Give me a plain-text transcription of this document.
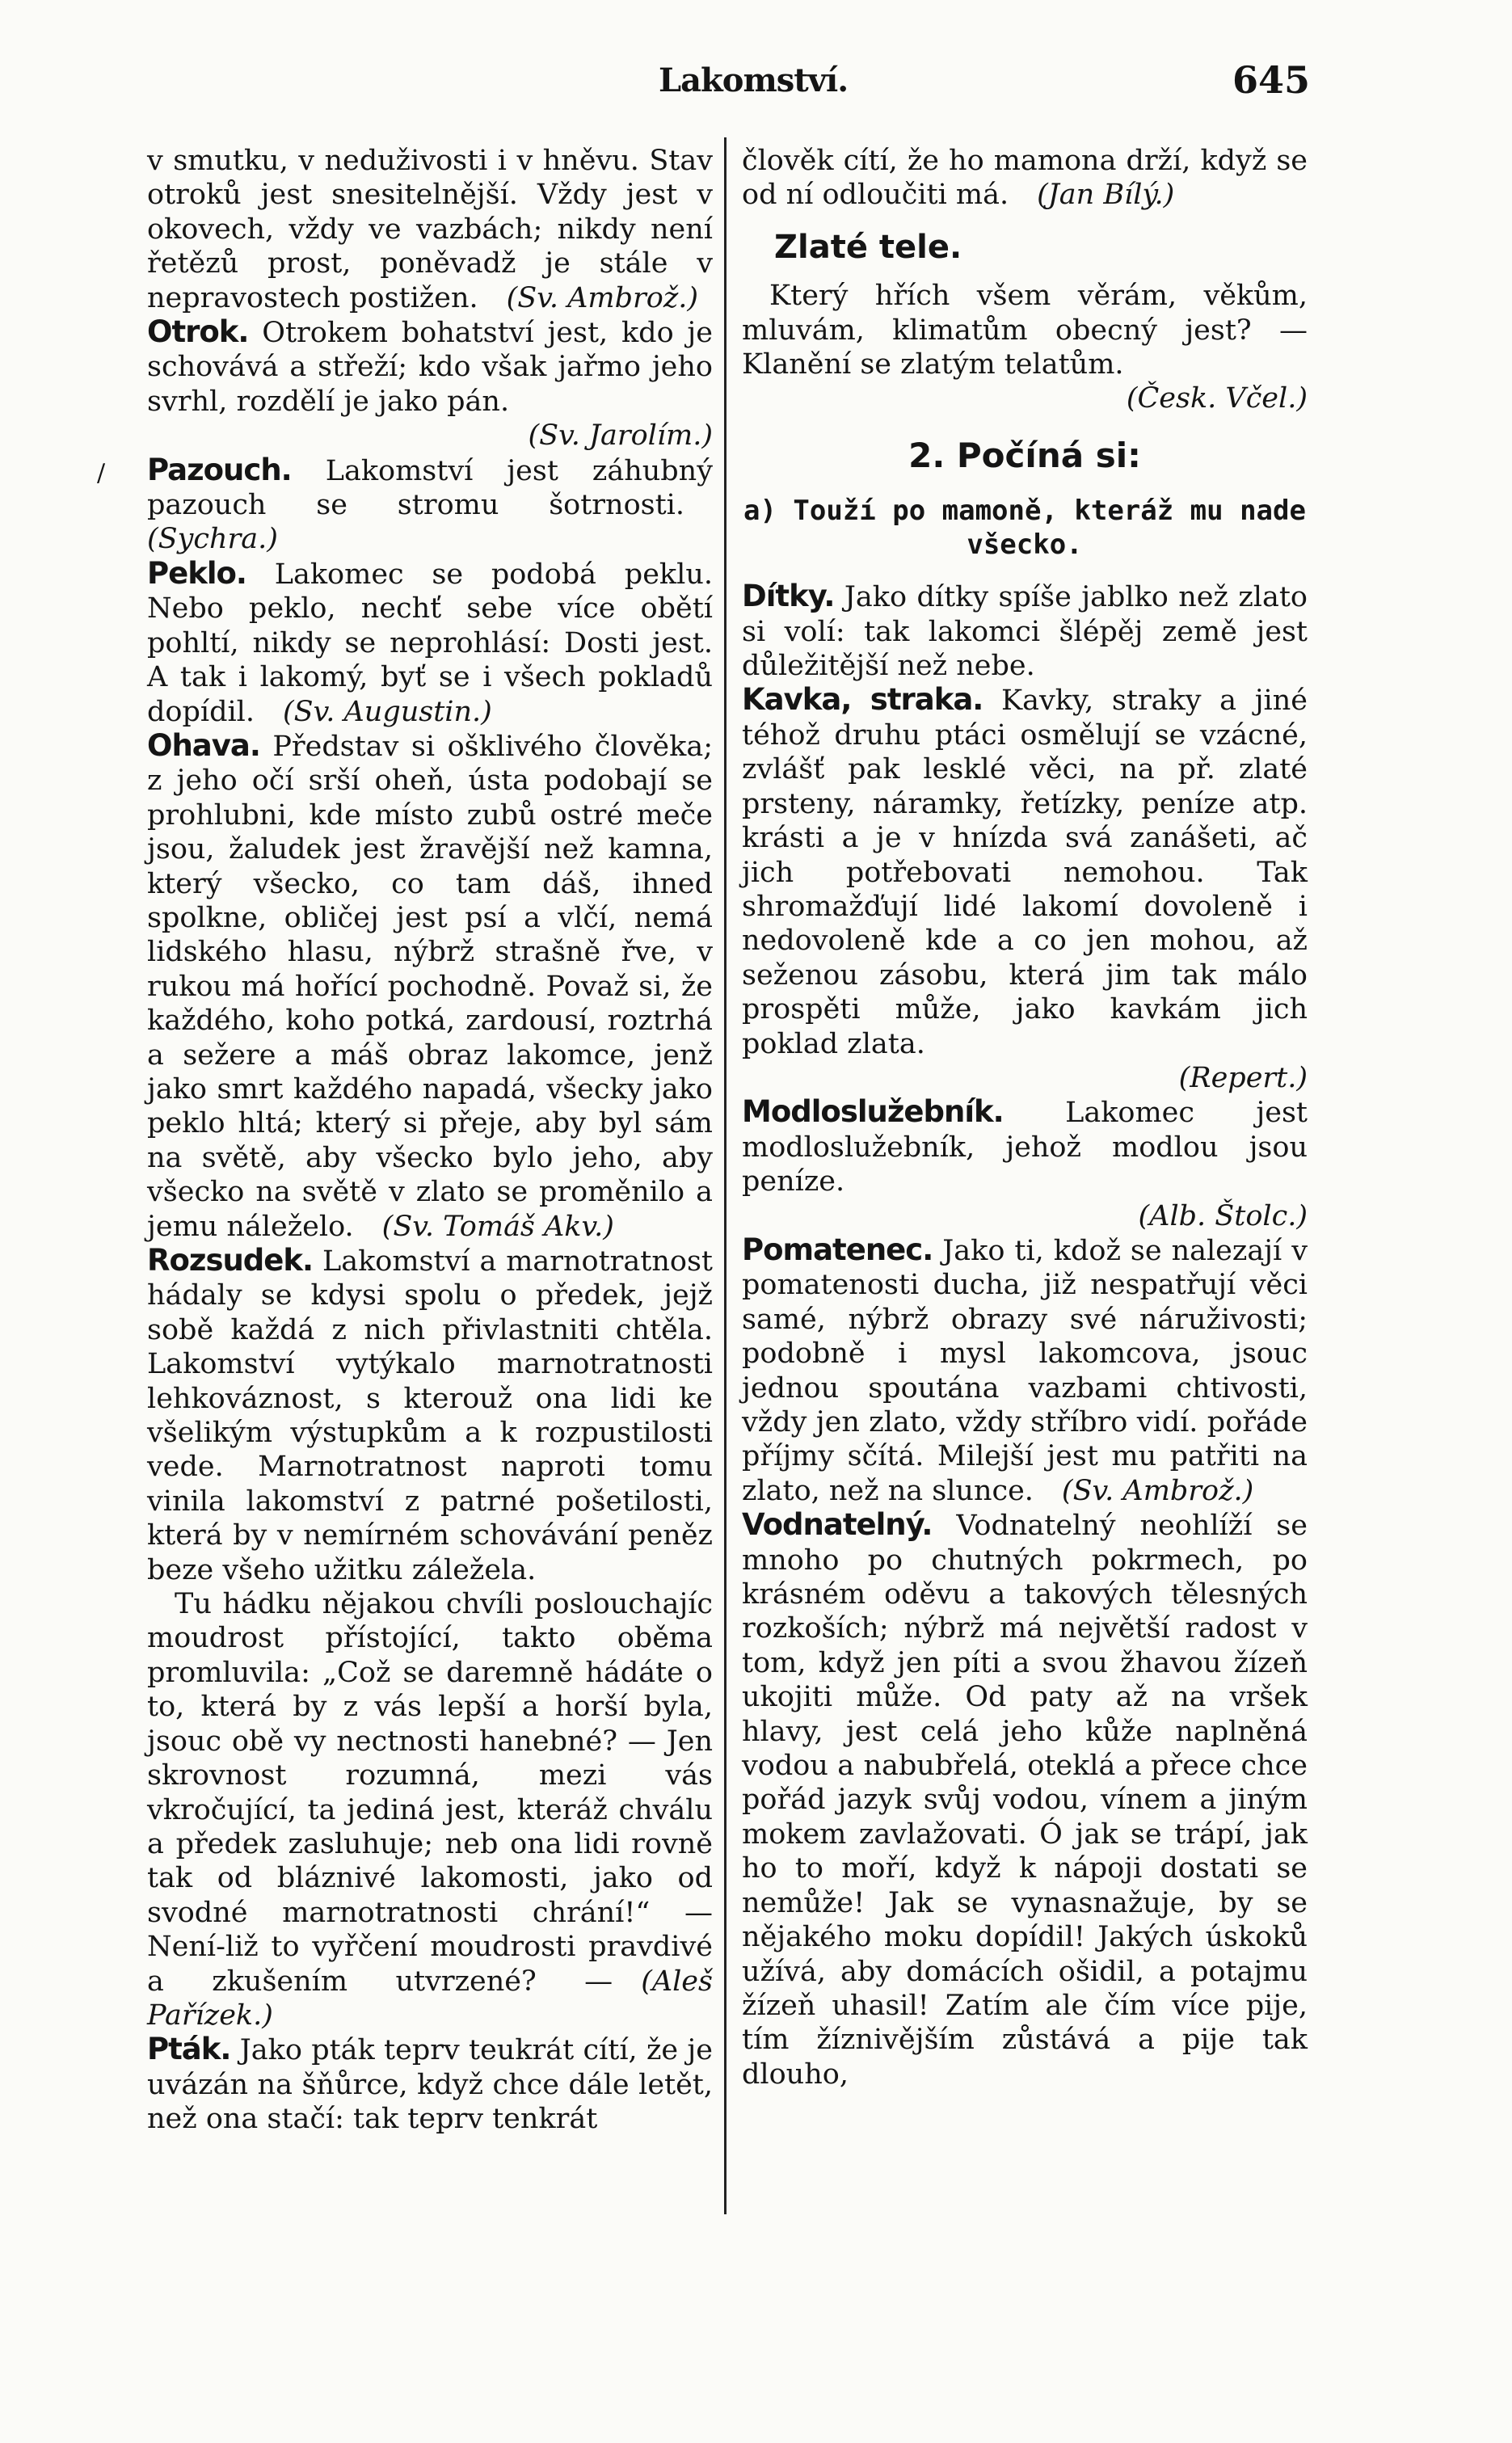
Lakomství.	645
/

v smutku, v neduživosti i v hněvu. Stav otroků jest snesitelnější. Vždy jest v okovech, vždy ve vazbách; nikdy není řetězů prost, poněvadž je stále v nepravostech postižen.  (Sv. Ambrož.)

Otrok. Otrokem bohatství jest, kdo je schovává a střeží; kdo však jařmo jeho svrhl, rozdělí je jako pán.
(Sv. Jarolím.)

Pazouch. Lakomství jest záhubný pazouch se stromu šotrnosti. (Sychra.)

Peklo. Lakomec se podobá peklu. Nebo peklo, nechť sebe více obětí pohltí, nikdy se neprohlásí: Dosti jest. A tak i lakomý, byť se i všech pokladů dopídil.  (Sv. Augustin.)

Ohava. Představ si ošklivého člověka; z jeho očí srší oheň, ústa podobají se prohlubni, kde místo zubů ostré meče jsou, žaludek jest žravější než kamna, který všecko, co tam dáš, ihned spolkne, obličej jest psí a vlčí, nemá lidského hlasu, nýbrž strašně řve, v rukou má hořící pochodně. Považ si, že každého, koho potká, zardousí, roztrhá a sežere a máš obraz lakomce, jenž jako smrt každého napadá, všecky jako peklo hltá; který si přeje, aby byl sám na světě, aby všecko bylo jeho, aby všecko na světě v zlato se proměnilo a jemu náleželo.  (Sv. Tomáš Akv.)

Rozsudek. Lakomství a marnotratnost hádaly se kdysi spolu o předek, jejž sobě každá z nich přivlastniti chtěla. Lakomství vytýkalo marnotratnosti lehkováznost, s kterouž ona lidi ke všelikým výstupkům a k rozpustilosti vede. Marnotratnost naproti tomu vinila lakomství z patrné pošetilosti, která by v nemírném schovávání peněz beze všeho užitku záležela.

Tu hádku nějakou chvíli poslouchajíc moudrost přístojící, takto oběma promluvila: „Což se daremně hádáte o to, která by z vás lepší a horší byla, jsouc obě vy nectnosti hanebné? — Jen skrovnost rozumná, mezi vás vkročující, ta jediná jest, kteráž chválu a předek zasluhuje; neb ona lidi rovně tak od bláznivé lakomosti, jako od svodné marnotratnosti chrání!“ — Není-liž to vyřčení moudrosti pravdivé a zkušením utvrzené? —  (Aleš Pařízek.)

Pták. Jako pták teprv teukrát cítí, že je uvázán na šňůrce, když chce dále letět, než ona stačí: tak teprv tenkrát

člověk cítí, že ho mamona drží, když se od ní odloučiti má.  (Jan Bílý.)

Zlaté tele.

Který hřích všem věrám, věkům, mluvám, klimatům obecný jest? — Klanění se zlatým telatům.
(Česk. Včel.)

2. Počíná si:
a) Touží po mamoně, kteráž mu nade všecko.

Dítky. Jako dítky spíše jablko než zlato si volí: tak lakomci šlépěj země jest důležitější než nebe.

Kavka, straka. Kavky, straky a jiné téhož druhu ptáci osmělují se vzácné, zvlášť pak lesklé věci, na př. zlaté prsteny, náramky, řetízky, peníze atp. krásti a je v hnízda svá zanášeti, ač jich potřebovati nemohou. Tak shromažďují lidé lakomí dovoleně i nedovoleně kde a co jen mohou, až seženou zásobu, která jim tak málo prospěti může, jako kavkám jich poklad zlata.
(Repert.)

Modloslužebník. Lakomec jest modloslužebník, jehož modlou jsou peníze.
(Alb. Štolc.)

Pomatenec. Jako ti, kdož se nalezají v pomatenosti ducha, již nespatřují věci samé, nýbrž obrazy své náruživosti; podobně i mysl lakomcova, jsouc jednou spoutána vazbami chtivosti, vždy jen zlato, vždy stříbro vidí. pořáde příjmy sčítá. Milejší jest mu patřiti na zlato, než na slunce.  (Sv. Ambrož.)

Vodnatelný. Vodnatelný neohlíží se mnoho po chutných pokrmech, po krásném oděvu a takových tělesných rozkoších; nýbrž má největší radost v tom, když jen píti a svou žhavou žízeň ukojiti může. Od paty až na vršek hlavy, jest celá jeho kůže naplněná vodou a nabubřelá, oteklá a přece chce pořád jazyk svůj vodou, vínem a jiným mokem zavlažovati. Ó jak se trápí, jak ho to moří, když k nápoji dostati se nemůže! Jak se vynasnažuje, by se nějakého moku dopídil! Jakých úskoků užívá, aby domácích ošidil, a potajmu žízeň uhasil! Zatím ale čím více pije, tím žíznivějším zůstává a pije tak dlouho,
